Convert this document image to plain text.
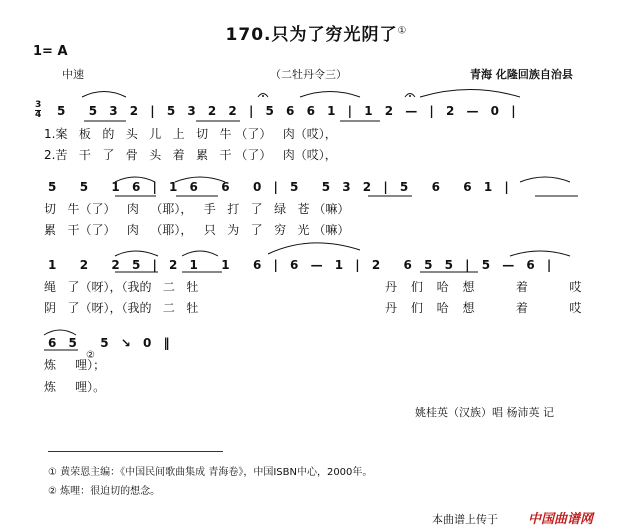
170.只为了穷光阴了①
1= A
中速	（二牡丹令三）	青海 化隆回族自治县
3
4 5  5 3 2 | 5 3 2 2 | 5 6 6 1 | 1 2 — | 2 — 0 |
1.案   板   的   头   儿   上   切   牛 （了）   肉（哎），
2.苦   干   了   骨   头   着   累   干 （了）   肉（哎），
5  5  1 6 | 1 6  6  0 | 5  5 3 2 | 5  6  6 1 |
切   牛（了）   肉   （耶），   手   打   了   绿   苍 （嘛）
累   干（了）   肉   （耶），   只   为   了   穷   光 （嘛）
1  2  2 5 | 2 1  1  6 | 6 — 1 | 2  6 5 5 | 5 — 6 |
绳   了（呀），（我的   二   牡
阴   了（呀），（我的   二   牡
丹 们 哈 想   着   哎
丹 们 哈 想   着   哎
6 5  5 ↘ 0 ‖
炼     哩）；
炼     哩）。
②
姚桂英（汉族）唱 杨沛英 记
① 黄荣恩主编：《中国民间歌曲集成 青海卷》，中国ISBN中心，2000年。
② 炼哩：很迫切的想念。
本曲谱上传于 中国曲谱网
